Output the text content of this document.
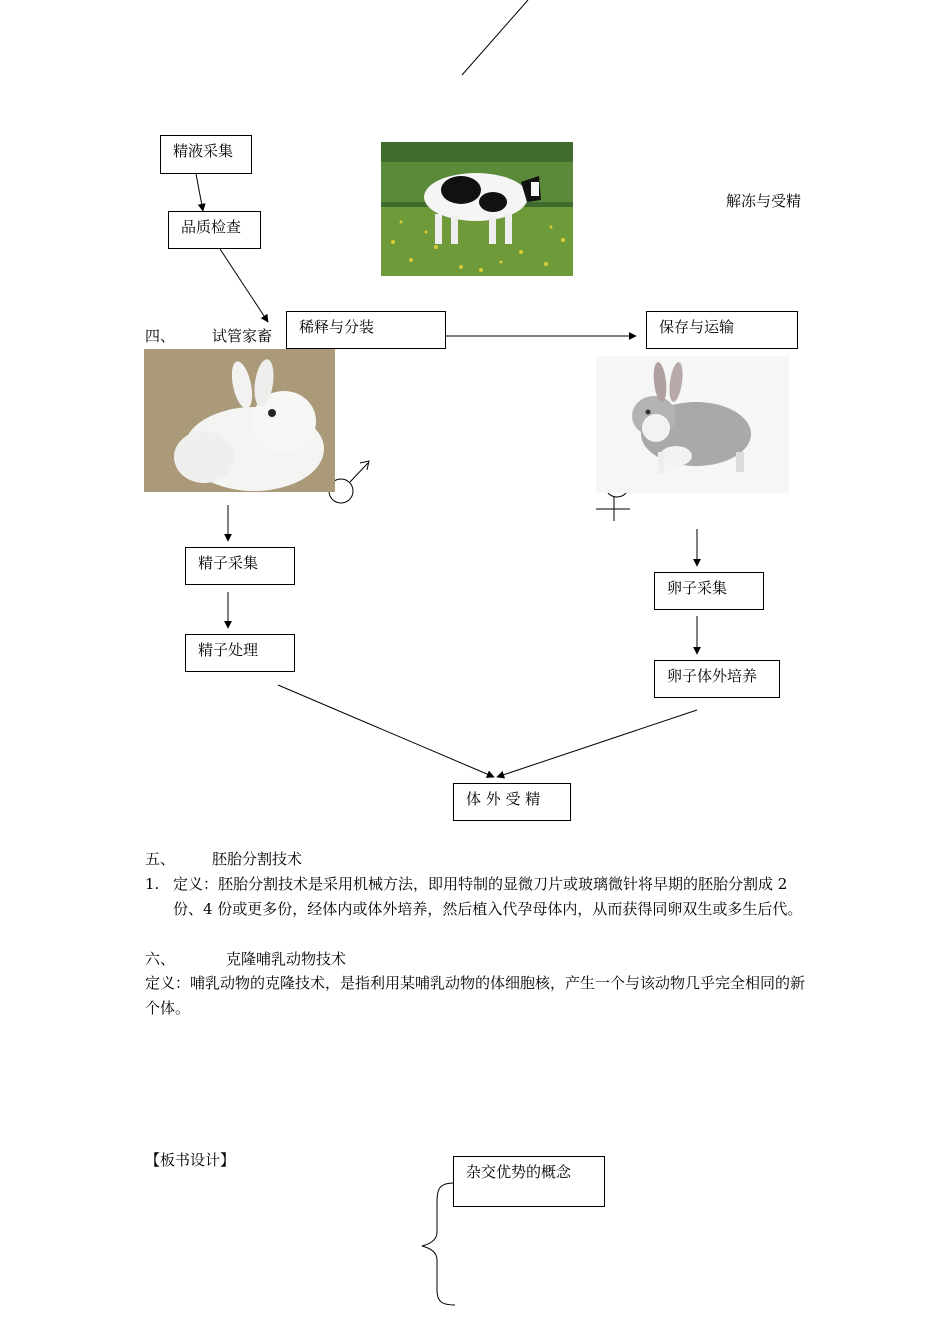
精液采集
品质检查
解冻与受精
四、 试管家畜	稀释与分装	保存与运输
精子采集
精子处理
卵子采集
卵子体外培养
体 外 受 精
五、 胚胎分割技术
1. 定义：胚胎分割技术是采用机械方法，即用特制的显微刀片或玻璃微针将早期的胚胎分割成 2 份、4 份或更多份，经体内或体外培养，然后植入代孕母体内，从而获得同卵双生或多生后代。
六、	克隆哺乳动物技术
定义：哺乳动物的克隆技术，是指利用某哺乳动物的体细胞核，产生一个与该动物几乎完全相同的新个体。
【板书设计】
杂交优势的概念
